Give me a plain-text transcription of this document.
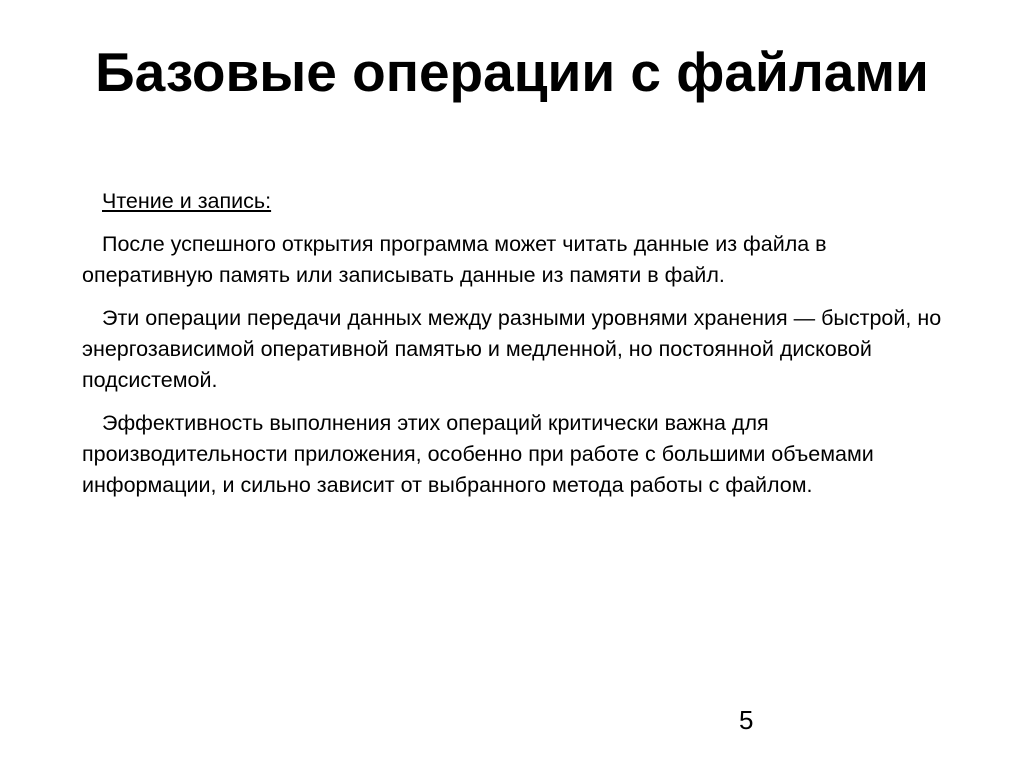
Базовые операции с файлами

Чтение и запись:

После успешного открытия программа может читать данные из файла в оперативную память или записывать данные из памяти в файл.

Эти операции передачи данных между разными уровнями хранения — быстрой, но энергозависимой оперативной памятью и медленной, но постоянной дисковой подсистемой.

Эффективность выполнения этих операций критически важна для производительности приложения, особенно при работе с большими объемами информации, и сильно зависит от выбранного метода работы с файлом.

5
